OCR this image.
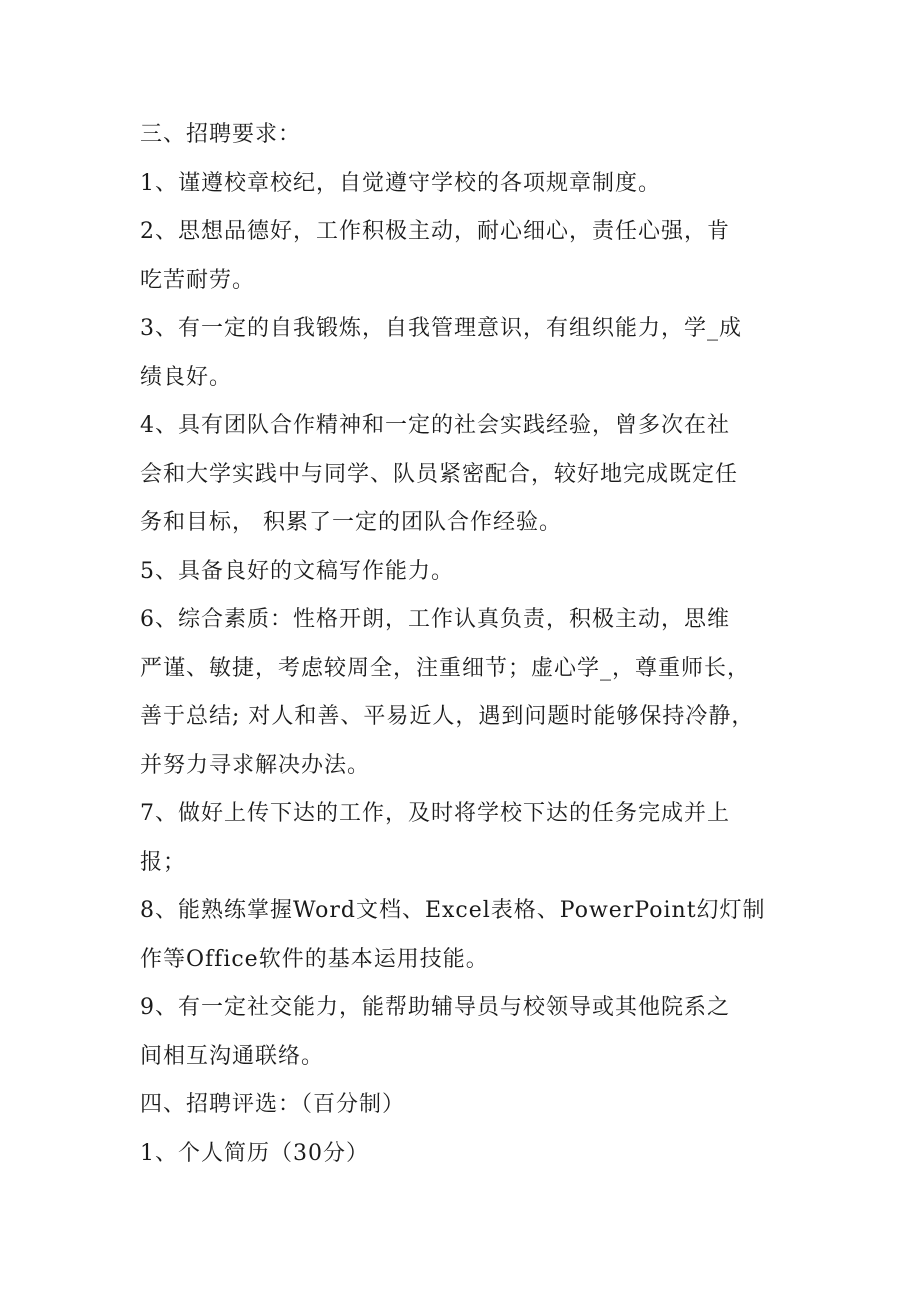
三、招聘要求：
1、谨遵校章校纪，自觉遵守学校的各项规章制度。
2、思想品德好，工作积极主动，耐心细心，责任心强，肯
吃苦耐劳。
3、有一定的自我锻炼，自我管理意识，有组织能力，学_成
绩良好。
4、具有团队合作精神和一定的社会实践经验，曾多次在社
会和大学实践中与同学、队员紧密配合，较好地完成既定任
务和目标， 积累了一定的团队合作经验。
5、具备良好的文稿写作能力。
6、综合素质：性格开朗，工作认真负责，积极主动，思维
严谨、敏捷，考虑较周全，注重细节；虚心学_，尊重师长，
善于总结; 对人和善、平易近人，遇到问题时能够保持冷静，
并努力寻求解决办法。
7、做好上传下达的工作，及时将学校下达的任务完成并上
报；
8、能熟练掌握Word文档、Excel表格、PowerPoint幻灯制
作等Office软件的基本运用技能。
9、有一定社交能力，能帮助辅导员与校领导或其他院系之
间相互沟通联络。
四、招聘评选：（百分制）
1、个人简历（30分）
